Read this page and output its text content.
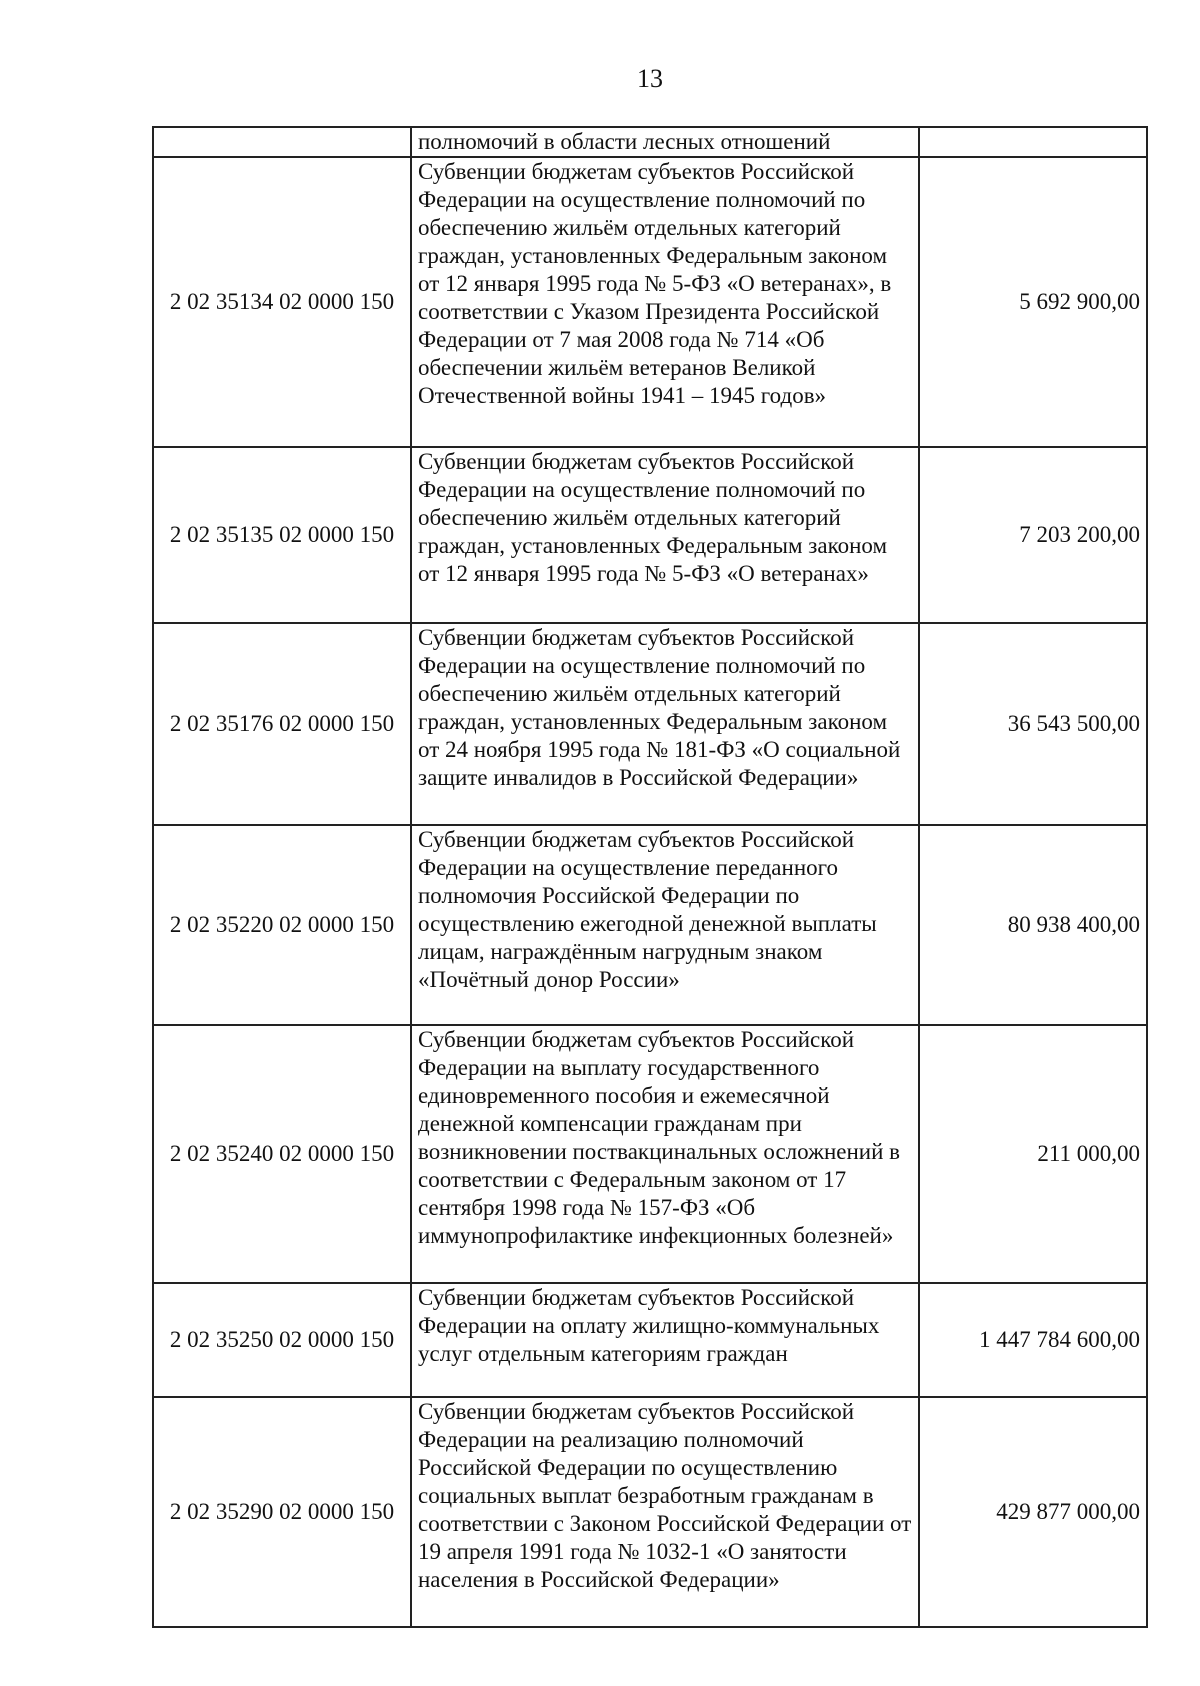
13
	полномочий в области лесных отношений	
2 02 35134 02 0000 150	Субвенции бюджетам субъектов Российской Федерации на осуществление полномочий по обеспечению жильём отдельных категорий граждан, установленных Федеральным законом от 12 января 1995 года № 5-ФЗ «О ветеранах», в соответствии с Указом Президента Российской Федерации от 7 мая 2008 года № 714 «Об обеспечении жильём ветеранов Великой Отечественной войны 1941 – 1945 годов»	5 692 900,00
2 02 35135 02 0000 150	Субвенции бюджетам субъектов Российской Федерации на осуществление полномочий по обеспечению жильём отдельных категорий граждан, установленных Федеральным законом от 12 января 1995 года № 5-ФЗ «О ветеранах»	7 203 200,00
2 02 35176 02 0000 150	Субвенции бюджетам субъектов Российской Федерации на осуществление полномочий по обеспечению жильём отдельных категорий граждан, установленных Федеральным законом от 24 ноября 1995 года № 181-ФЗ «О социальной защите инвалидов в Российской Федерации»	36 543 500,00
2 02 35220 02 0000 150	Субвенции бюджетам субъектов Российской Федерации на осуществление переданного полномочия Российской Федерации по осуществлению ежегодной денежной выплаты лицам, награждённым нагрудным знаком «Почётный донор России»	80 938 400,00
2 02 35240 02 0000 150	Субвенции бюджетам субъектов Российской Федерации на выплату государственного единовременного пособия и ежемесячной денежной компенсации гражданам при возникновении поствакцинальных осложнений в соответствии с Федеральным законом от 17 сентября 1998 года № 157-ФЗ «Об иммунопрофилактике инфекционных болезней»	211 000,00
2 02 35250 02 0000 150	Субвенции бюджетам субъектов Российской Федерации на оплату жилищно-коммунальных услуг отдельным категориям граждан	1 447 784 600,00
2 02 35290 02 0000 150	Субвенции бюджетам субъектов Российской Федерации на реализацию полномочий Российской Федерации по осуществлению социальных выплат безработным гражданам в соответствии с Законом Российской Федерации от 19 апреля 1991 года № 1032-1 «О занятости населения в Российской Федерации»	429 877 000,00
